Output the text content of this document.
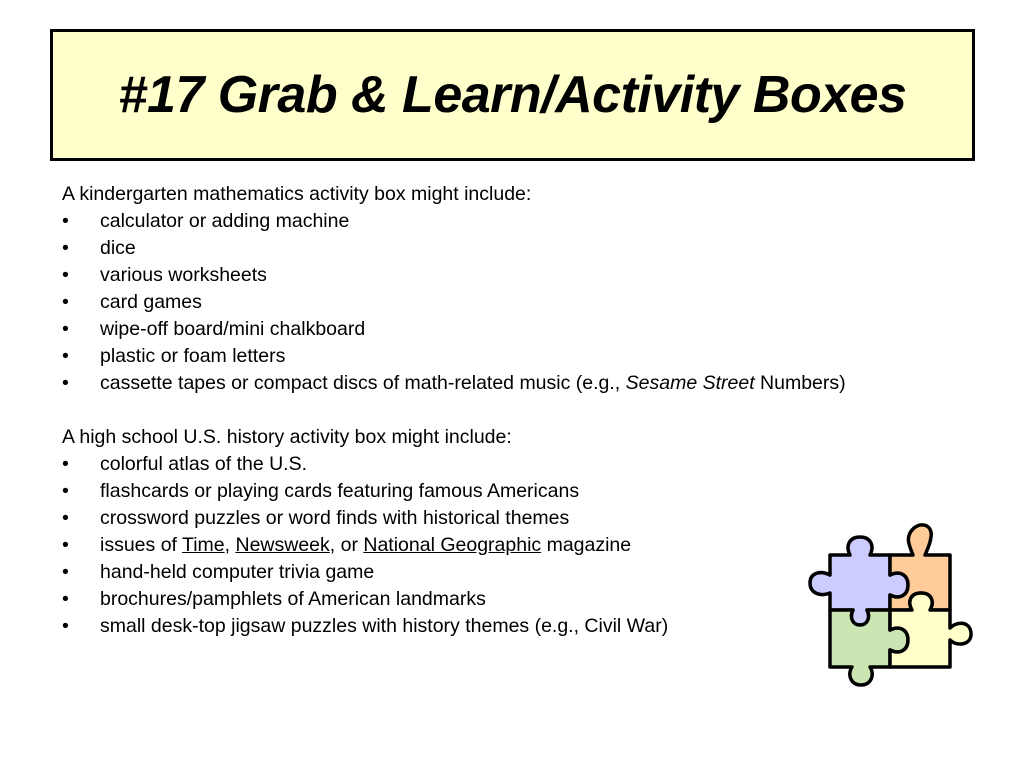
#17 Grab & Learn/Activity Boxes

A kindergarten mathematics activity box might include:

• calculator or adding machine
• dice
• various worksheets
• card games
• wipe-off board/mini chalkboard
• plastic or foam letters
• cassette tapes or compact discs of math-related music (e.g., Sesame Street Numbers)

A high school U.S. history activity box might include:

• colorful atlas of the U.S.
• flashcards or playing cards featuring famous Americans
• crossword puzzles or word finds with historical themes
• issues of Time, Newsweek, or National Geographic magazine
• hand-held computer trivia game
• brochures/pamphlets of American landmarks
• small desk-top jigsaw puzzles with history themes (e.g., Civil War)
